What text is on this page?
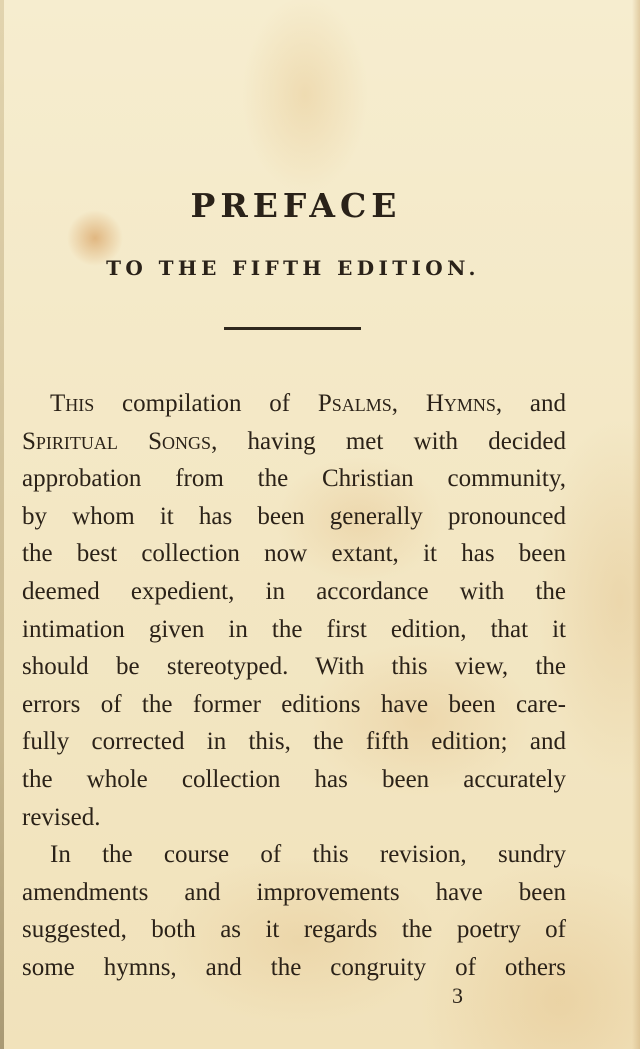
PREFACE
TO THE FIFTH EDITION.
This compilation of Psalms, Hymns, and
Spiritual Songs, having met with decided
approbation from the Christian community,
by whom it has been generally pronounced
the best collection now extant, it has been
deemed expedient, in accordance with the
intimation given in the first edition, that it
should be stereotyped. With this view, the
errors of the former editions have been care-
fully corrected in this, the fifth edition; and
the whole collection has been accurately
revised.
In the course of this revision, sundry
amendments and improvements have been
suggested, both as it regards the poetry of
some hymns, and the congruity of others
3
